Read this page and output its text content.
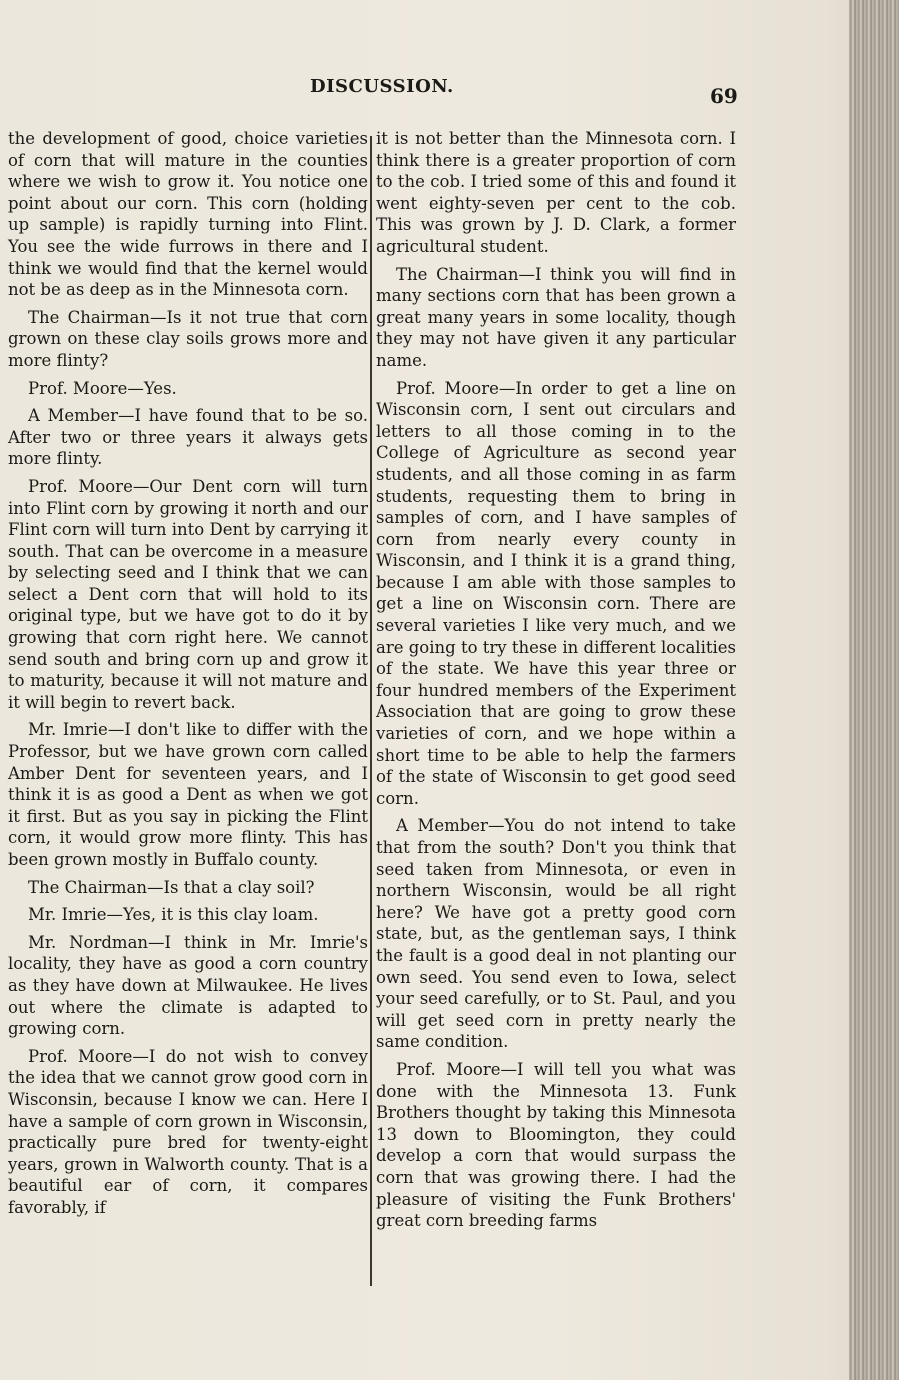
DISCUSSION.	69

the development of good, choice varieties of corn that will mature in the counties where we wish to grow it. You notice one point about our corn. This corn (holding up sample) is rapidly turning into Flint. You see the wide furrows in there and I think we would find that the kernel would not be as deep as in the Minnesota corn.

The Chairman—Is it not true that corn grown on these clay soils grows more and more flinty?

Prof. Moore—Yes.

A Member—I have found that to be so. After two or three years it always gets more flinty.

Prof. Moore—Our Dent corn will turn into Flint corn by growing it north and our Flint corn will turn into Dent by carrying it south. That can be overcome in a measure by selecting seed and I think that we can select a Dent corn that will hold to its original type, but we have got to do it by growing that corn right here. We cannot send south and bring corn up and grow it to maturity, because it will not mature and it will begin to revert back.

Mr. Imrie—I don't like to differ with the Professor, but we have grown corn called Amber Dent for seventeen years, and I think it is as good a Dent as when we got it first. But as you say in picking the Flint corn, it would grow more flinty. This has been grown mostly in Buffalo county.

The Chairman—Is that a clay soil?

Mr. Imrie—Yes, it is this clay loam.

Mr. Nordman—I think in Mr. Imrie's locality, they have as good a corn country as they have down at Milwaukee. He lives out where the climate is adapted to growing corn.

Prof. Moore—I do not wish to convey the idea that we cannot grow good corn in Wisconsin, because I know we can. Here I have a sample of corn grown in Wisconsin, practically pure bred for twenty-eight years, grown in Walworth county. That is a beautiful ear of corn, it compares favorably, if

it is not better than the Minnesota corn. I think there is a greater proportion of corn to the cob. I tried some of this and found it went eighty-seven per cent to the cob. This was grown by J. D. Clark, a former agricultural student.

The Chairman—I think you will find in many sections corn that has been grown a great many years in some locality, though they may not have given it any particular name.

Prof. Moore—In order to get a line on Wisconsin corn, I sent out circulars and letters to all those coming in to the College of Agriculture as second year students, and all those coming in as farm students, requesting them to bring in samples of corn, and I have samples of corn from nearly every county in Wisconsin, and I think it is a grand thing, because I am able with those samples to get a line on Wisconsin corn. There are several varieties I like very much, and we are going to try these in different localities of the state. We have this year three or four hundred members of the Experiment Association that are going to grow these varieties of corn, and we hope within a short time to be able to help the farmers of the state of Wisconsin to get good seed corn.

A Member—You do not intend to take that from the south? Don't you think that seed taken from Minnesota, or even in northern Wisconsin, would be all right here? We have got a pretty good corn state, but, as the gentleman says, I think the fault is a good deal in not planting our own seed. You send even to Iowa, select your seed carefully, or to St. Paul, and you will get seed corn in pretty nearly the same condition.

Prof. Moore—I will tell you what was done with the Minnesota 13. Funk Brothers thought by taking this Minnesota 13 down to Bloomington, they could develop a corn that would surpass the corn that was growing there. I had the pleasure of visiting the Funk Brothers' great corn breeding farms
